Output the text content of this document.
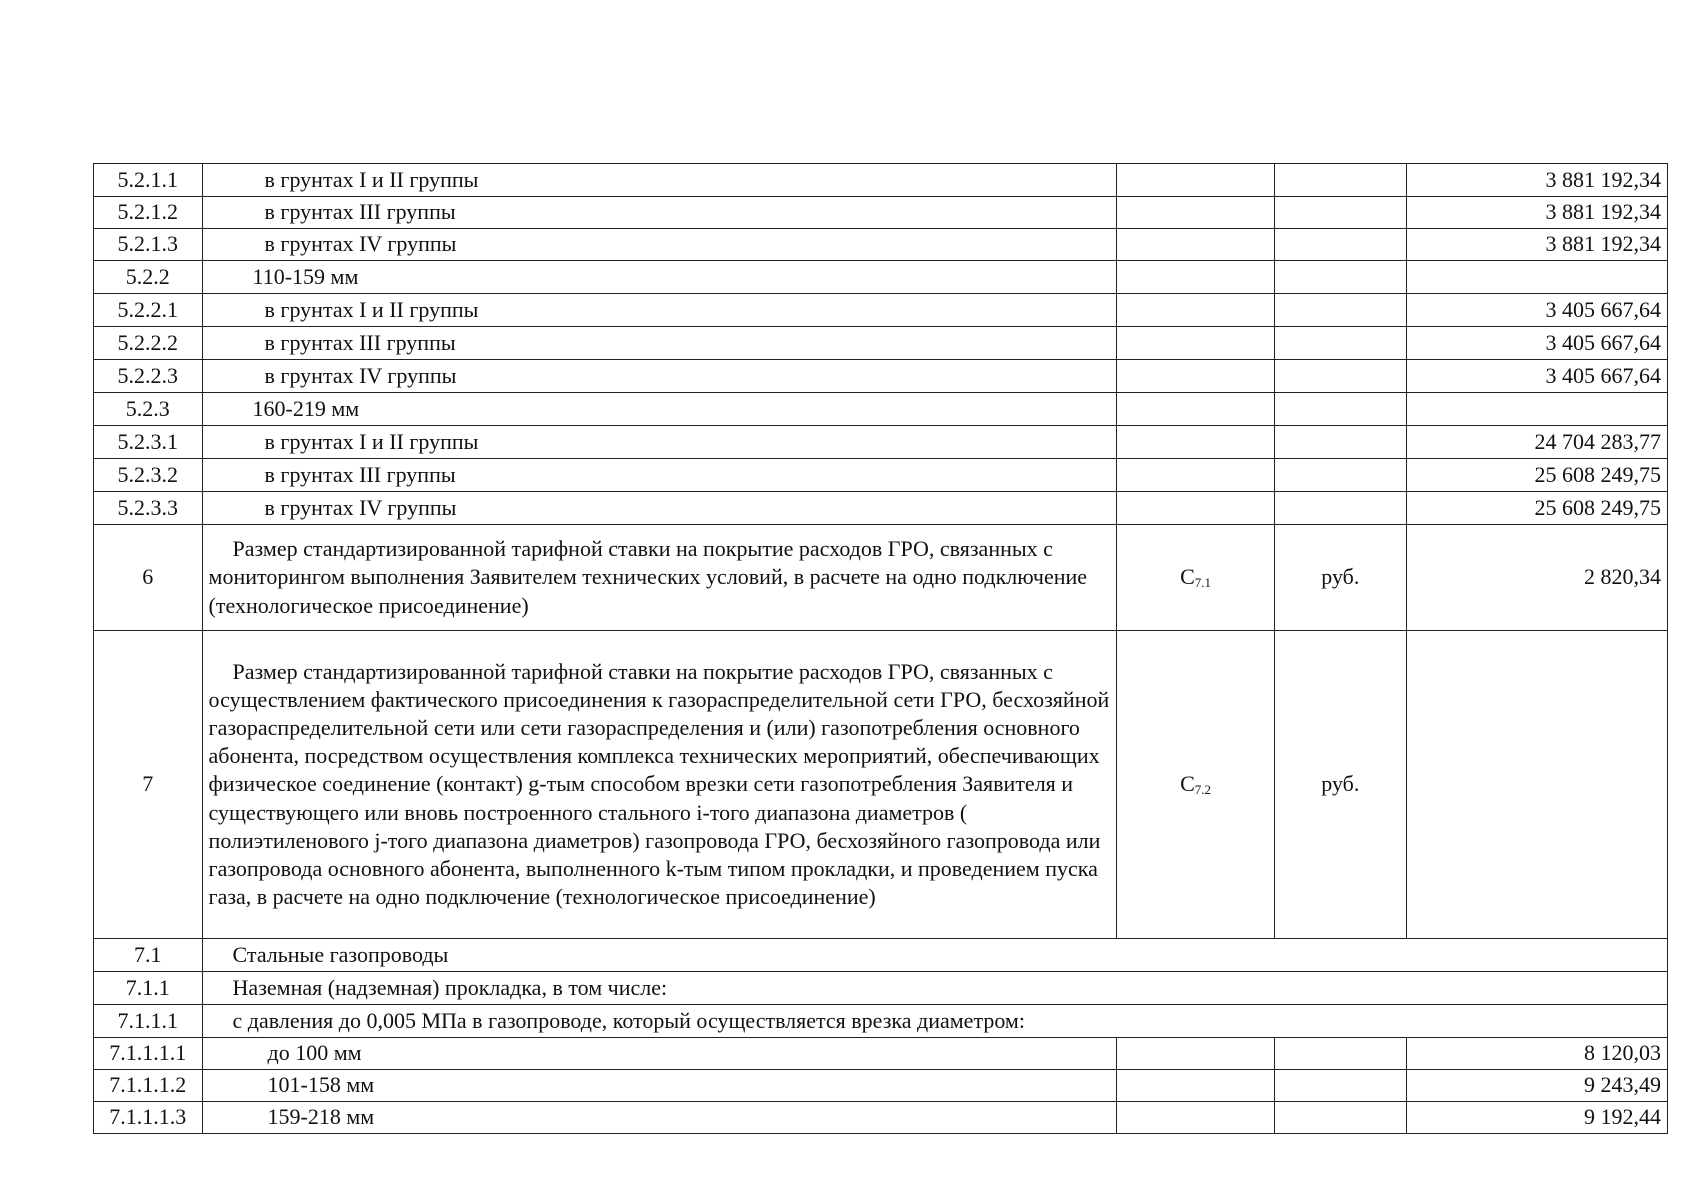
5.2.1.1	в грунтах I и II группы			3 881 192,34
5.2.1.2	в грунтах III группы			3 881 192,34
5.2.1.3	в грунтах IV группы			3 881 192,34
5.2.2	110-159 мм			
5.2.2.1	в грунтах I и II группы			3 405 667,64
5.2.2.2	в грунтах III группы			3 405 667,64
5.2.2.3	в грунтах IV группы			3 405 667,64
5.2.3	160-219 мм			
5.2.3.1	в грунтах I и II группы			24 704 283,77
5.2.3.2	в грунтах III группы			25 608 249,75
5.2.3.3	в грунтах IV группы			25 608 249,75
6	Размер стандартизированной тарифной ставки на покрытие расходов ГРО, связанных с мониторингом выполнения Заявителем технических условий, в расчете на одно подключение (технологическое присоединение)	$С_{7.1}$	руб.	2 820,34
7	Размер стандартизированной тарифной ставки на покрытие расходов ГРО, связанных с осуществлением фактического присоединения к газораспределительной сети ГРО, бесхозяйной газораспределительной сети или сети газораспределения и (или) газопотребления основного абонента, посредством осуществления комплекса технических мероприятий, обеспечивающих физическое соединение (контакт) g-тым способом врезки сети газопотребления Заявителя и существующего или вновь построенного стального i-того диапазона диаметров ( полиэтиленового j-того диапазона диаметров) газопровода ГРО, бесхозяйного газопровода или газопровода основного абонента, выполненного k-тым типом прокладки, и проведением пуска газа, в расчете на одно подключение (технологическое присоединение)	$С_{7.2}$	руб.	
7.1	Стальные газопроводы			
7.1.1	Наземная (надземная) прокладка, в том числе:			
7.1.1.1	с давления до 0,005 МПа в газопроводе, который осуществляется врезка диаметром:			
7.1.1.1.1	до 100 мм			8 120,03
7.1.1.1.2	101-158 мм			9 243,49
7.1.1.1.3	159-218 мм			9 192,44
